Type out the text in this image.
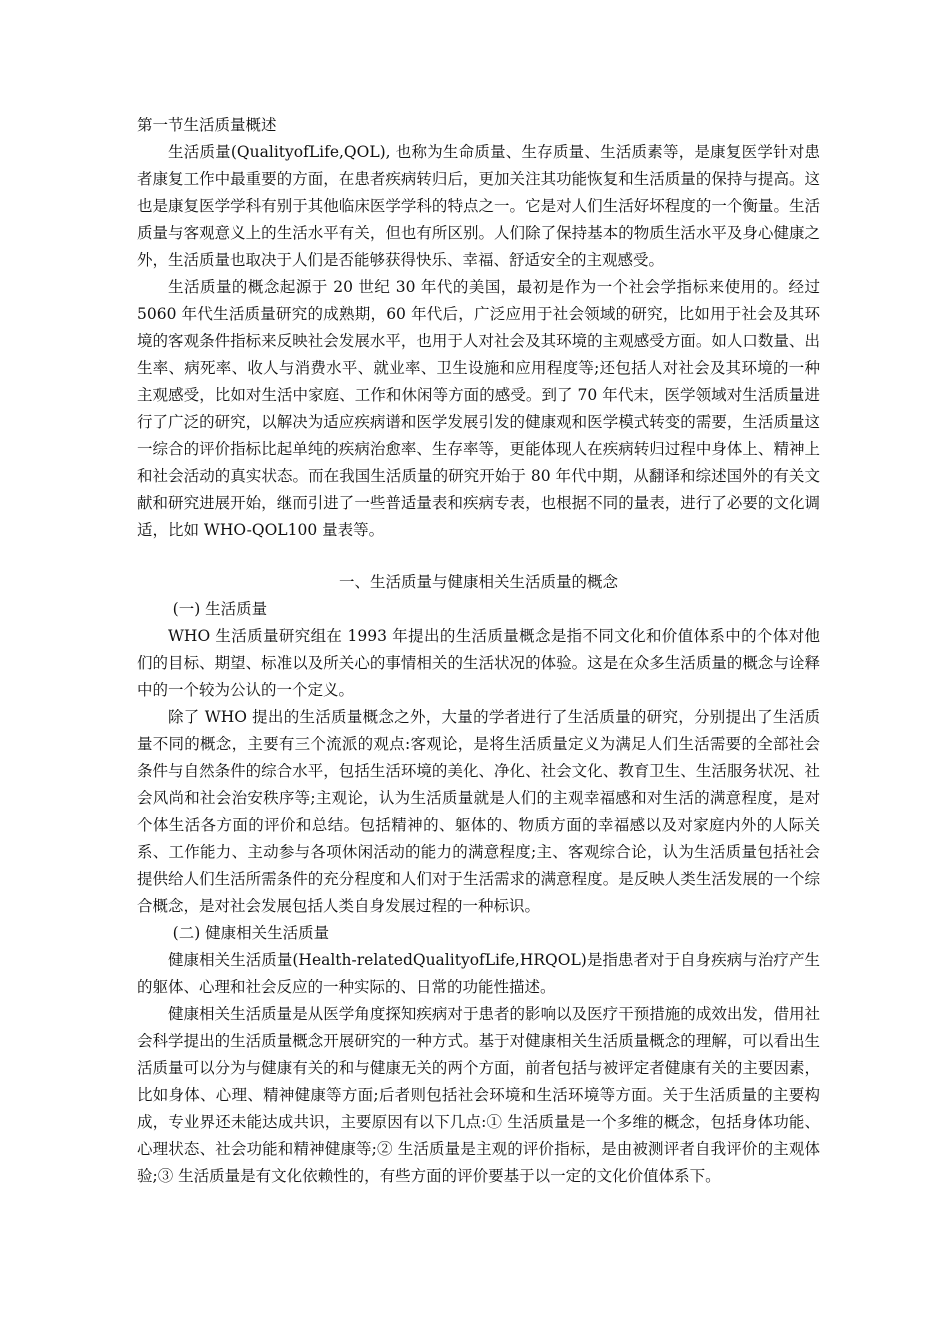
第一节生活质量概述

生活质量(QualityofLife,QOL), 也称为生命质量、生存质量、生活质素等，是康复医学针对患者康复工作中最重要的方面，在患者疾病转归后，更加关注其功能恢复和生活质量的保持与提高。这也是康复医学学科有别于其他临床医学学科的特点之一。它是对人们生活好坏程度的一个衡量。生活质量与客观意义上的生活水平有关，但也有所区别。人们除了保持基本的物质生活水平及身心健康之外，生活质量也取决于人们是否能够获得快乐、幸福、舒适安全的主观感受。

生活质量的概念起源于 20 世纪 30 年代的美国，最初是作为一个社会学指标来使用的。经过 5060 年代生活质量研究的成熟期，60 年代后，广泛应用于社会领域的研究，比如用于社会及其环境的客观条件指标来反映社会发展水平，也用于人对社会及其环境的主观感受方面。如人口数量、出生率、病死率、收人与消费水平、就业率、卫生设施和应用程度等;还包括人对社会及其环境的一种主观感受，比如对生活中家庭、工作和休闲等方面的感受。到了 70 年代末，医学领域对生活质量进行了广泛的研究，以解决为适应疾病谱和医学发展引发的健康观和医学模式转变的需要，生活质量这一综合的评价指标比起单纯的疾病治愈率、生存率等，更能体现人在疾病转归过程中身体上、精神上和社会活动的真实状态。而在我国生活质量的研究开始于 80 年代中期，从翻译和综述国外的有关文献和研究进展开始，继而引进了一些普适量表和疾病专表，也根据不同的量表，进行了必要的文化调适，比如 WHO-QOL100 量表等。

一、生活质量与健康相关生活质量的概念

(一) 生活质量

WHO 生活质量研究组在 1993 年提出的生活质量概念是指不同文化和价值体系中的个体对他们的目标、期望、标准以及所关心的事情相关的生活状况的体验。这是在众多生活质量的概念与诠释中的一个较为公认的一个定义。

除了 WHO 提出的生活质量概念之外，大量的学者进行了生活质量的研究，分别提出了生活质量不同的概念，主要有三个流派的观点:客观论，是将生活质量定义为满足人们生活需要的全部社会条件与自然条件的综合水平，包括生活环境的美化、净化、社会文化、教育卫生、生活服务状况、社会风尚和社会治安秩序等;主观论，认为生活质量就是人们的主观幸福感和对生活的满意程度，是对个体生活各方面的评价和总结。包括精神的、躯体的、物质方面的幸福感以及对家庭内外的人际关系、工作能力、主动参与各项休闲活动的能力的满意程度;主、客观综合论，认为生活质量包括社会提供给人们生活所需条件的充分程度和人们对于生活需求的满意程度。是反映人类生活发展的一个综合概念，是对社会发展包括人类自身发展过程的一种标识。

(二) 健康相关生活质量

健康相关生活质量(Health-relatedQualityofLife,HRQOL)是指患者对于自身疾病与治疗产生的躯体、心理和社会反应的一种实际的、日常的功能性描述。

健康相关生活质量是从医学角度探知疾病对于患者的影响以及医疗干预措施的成效出发，借用社会科学提出的生活质量概念开展研究的一种方式。基于对健康相关生活质量概念的理解，可以看出生活质量可以分为与健康有关的和与健康无关的两个方面，前者包括与被评定者健康有关的主要因素，比如身体、心理、精神健康等方面;后者则包括社会环境和生活环境等方面。关于生活质量的主要构成，专业界还未能达成共识，主要原因有以下几点:① 生活质量是一个多维的概念，包括身体功能、心理状态、社会功能和精神健康等;② 生活质量是主观的评价指标，是由被测评者自我评价的主观体验;③ 生活质量是有文化依赖性的，有些方面的评价要基于以一定的文化价值体系下。
